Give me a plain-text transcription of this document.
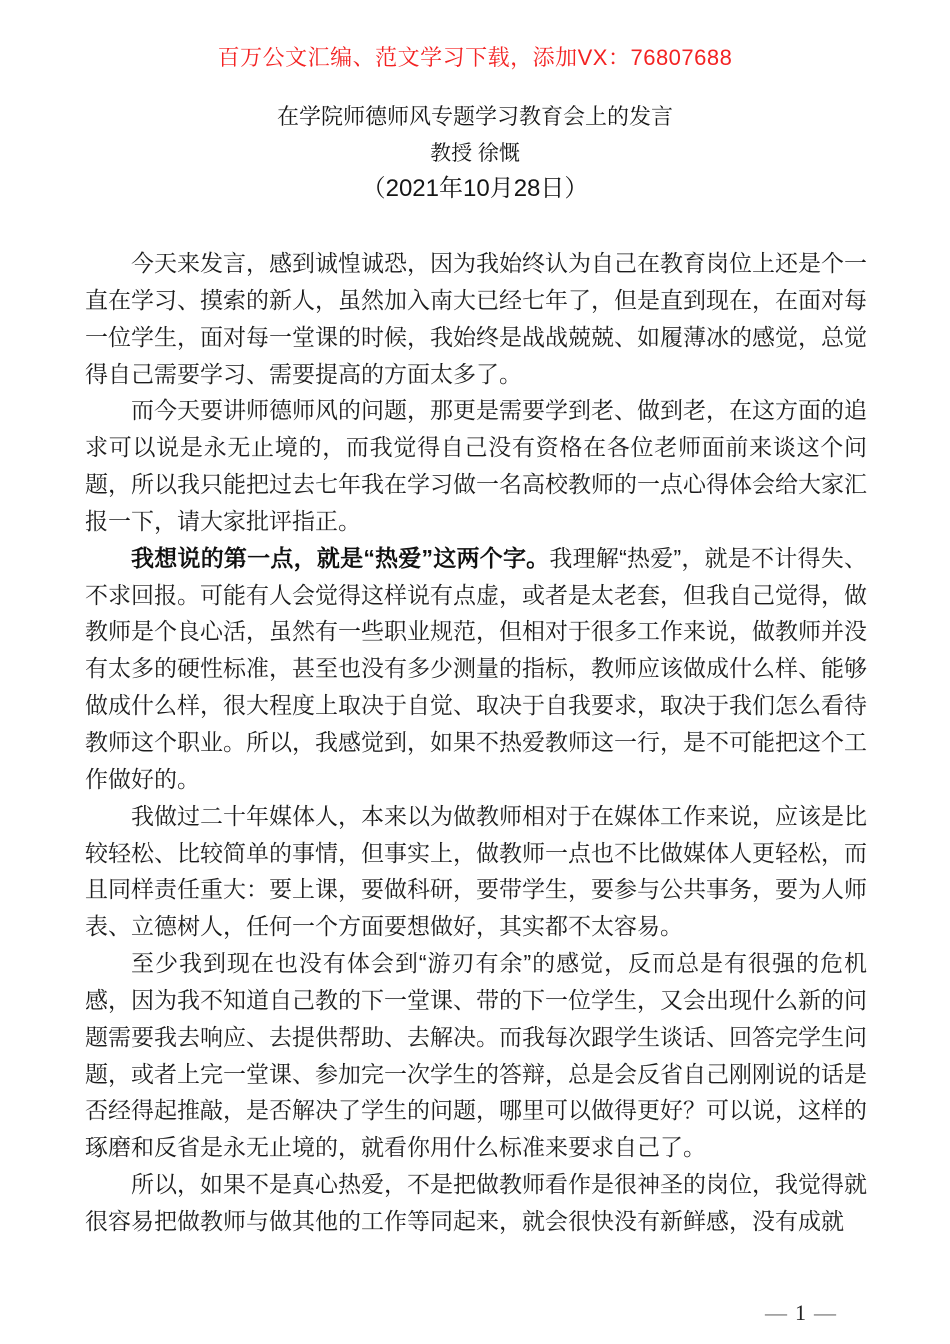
百万公文汇编、范文学习下载，添加VX：76807688
在学院师德师风专题学习教育会上的发言
教授 徐慨
（2021年10月28日）

今天来发言，感到诚惶诚恐，因为我始终认为自己在教育岗位上还是个一直在学习、摸索的新人，虽然加入南大已经七年了，但是直到现在，在面对每一位学生，面对每一堂课的时候，我始终是战战兢兢、如履薄冰的感觉，总觉得自己需要学习、需要提高的方面太多了。

而今天要讲师德师风的问题，那更是需要学到老、做到老，在这方面的追求可以说是永无止境的，而我觉得自己没有资格在各位老师面前来谈这个问题，所以我只能把过去七年我在学习做一名高校教师的一点心得体会给大家汇报一下，请大家批评指正。

我想说的第一点，就是“热爱”这两个字。我理解“热爱”，就是不计得失、不求回报。可能有人会觉得这样说有点虚，或者是太老套，但我自己觉得，做教师是个良心活，虽然有一些职业规范，但相对于很多工作来说，做教师并没有太多的硬性标准，甚至也没有多少测量的指标，教师应该做成什么样、能够做成什么样，很大程度上取决于自觉、取决于自我要求，取决于我们怎么看待教师这个职业。所以，我感觉到，如果不热爱教师这一行，是不可能把这个工作做好的。

我做过二十年媒体人，本来以为做教师相对于在媒体工作来说，应该是比较轻松、比较简单的事情，但事实上，做教师一点也不比做媒体人更轻松，而且同样责任重大：要上课，要做科研，要带学生，要参与公共事务，要为人师表、立德树人，任何一个方面要想做好，其实都不太容易。

至少我到现在也没有体会到“游刃有余”的感觉，反而总是有很强的危机感，因为我不知道自己教的下一堂课、带的下一位学生，又会出现什么新的问题需要我去响应、去提供帮助、去解决。而我每次跟学生谈话、回答完学生问题，或者上完一堂课、参加完一次学生的答辩，总是会反省自己刚刚说的话是否经得起推敲，是否解决了学生的问题，哪里可以做得更好？可以说，这样的琢磨和反省是永无止境的，就看你用什么标准来要求自己了。

所以，如果不是真心热爱，不是把做教师看作是很神圣的岗位，我觉得就很容易把做教师与做其他的工作等同起来，就会很快没有新鲜感，没有成就

— 1 —
